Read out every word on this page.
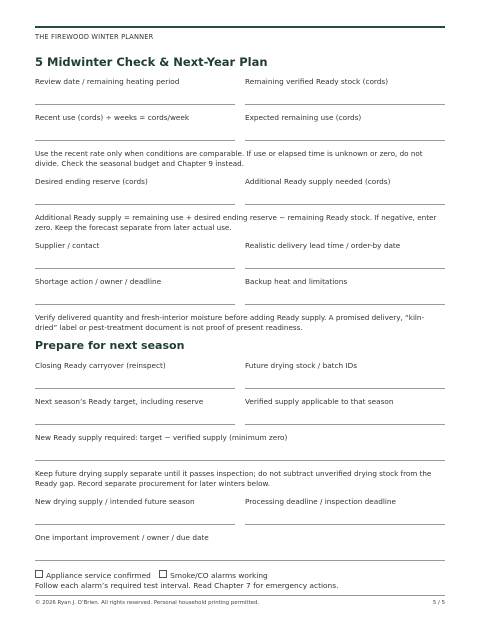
THE FIREWOOD WINTER PLANNER
5 Midwinter Check & Next-Year Plan
Review date / remaining heating period	Remaining verified Ready stock (cords)
Recent use (cords) ÷ weeks = cords/week	Expected remaining use (cords)
Use the recent rate only when conditions are comparable. If use or elapsed time is unknown or zero, do not divide. Check the seasonal budget and Chapter 9 instead.
Desired ending reserve (cords)	Additional Ready supply needed (cords)
Additional Ready supply = remaining use + desired ending reserve − remaining Ready stock. If negative, enter zero. Keep the forecast separate from later actual use.
Supplier / contact	Realistic delivery lead time / order-by date
Shortage action / owner / deadline	Backup heat and limitations
Verify delivered quantity and fresh-interior moisture before adding Ready supply. A promised delivery, “kiln-dried” label or pest-treatment document is not proof of present readiness.
Prepare for next season
Closing Ready carryover (reinspect)	Future drying stock / batch IDs
Next season’s Ready target, including reserve	Verified supply applicable to that season
New Ready supply required: target − verified supply (minimum zero)
Keep future drying supply separate until it passes inspection; do not subtract unverified drying stock from the Ready gap. Record separate procurement for later winters below.
New drying supply / intended future season	Processing deadline / inspection deadline
One important improvement / owner / due date
Appliance service confirmed	Smoke/CO alarms working
Follow each alarm’s required test interval. Read Chapter 7 for emergency actions.
© 2026 Ryan J. O’Brien. All rights reserved. Personal household printing permitted.	5 / 5
